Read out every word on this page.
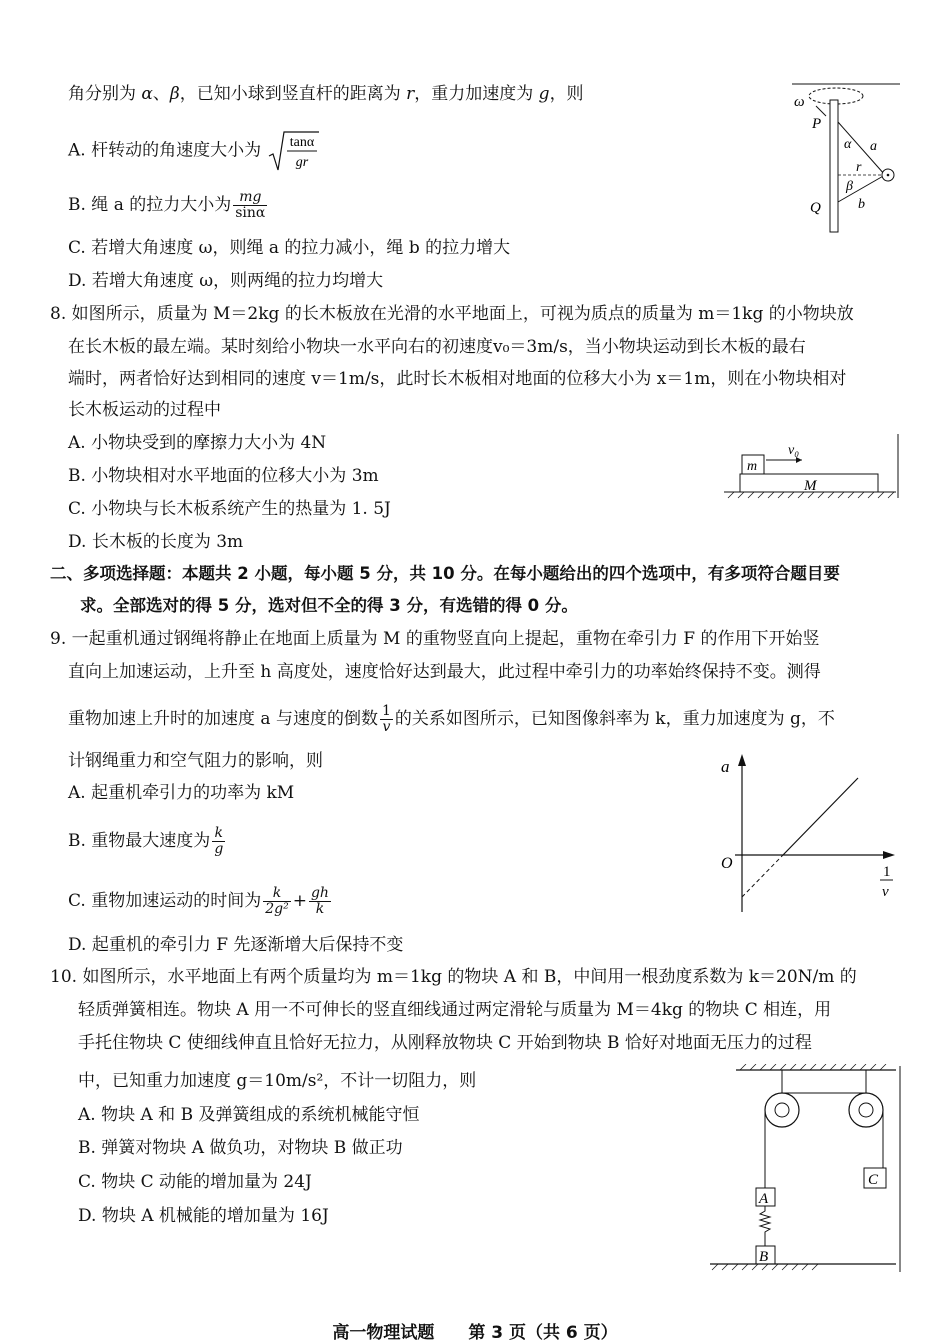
角分别为 α、β，已知小球到竖直杆的距离为 r，重力加速度为 g，则
A. 杆转动的角速度大小为 tanα
gr
B. 绳 a 的拉力大小为 $\frac{mg}{\sin\alpha}$
C. 若增大角速度 ω，则绳 a 的拉力减小，绳 b 的拉力增大
D. 若增大角速度 ω，则两绳的拉力均增大
ω
P
α a
r
β
b
Q
8. 如图所示，质量为 M＝2kg 的长木板放在光滑的水平地面上，可视为质点的质量为 m＝1kg 的小物块放
在长木板的最左端。某时刻给小物块一水平向右的初速度v₀＝3m/s，当小物块运动到长木板的最右
端时，两者恰好达到相同的速度 v＝1m/s，此时长木板相对地面的位移大小为 x＝1m，则在小物块相对
长木板运动的过程中
A. 小物块受到的摩擦力大小为 4N
B. 小物块相对水平地面的位移大小为 3m
C. 小物块与长木板系统产生的热量为 1. 5J
D. 长木板的长度为 3m
m
v₀
M
二、多项选择题：本题共 2 小题，每小题 5 分，共 10 分。在每小题给出的四个选项中，有多项符合题目要
求。全部选对的得 5 分，选对但不全的得 3 分，有选错的得 0 分。
9. 一起重机通过钢绳将静止在地面上质量为 M 的重物竖直向上提起，重物在牵引力 F 的作用下开始竖
直向上加速运动，上升至 h 高度处，速度恰好达到最大，此过程中牵引力的功率始终保持不变。测得
重物加速上升时的加速度 a 与速度的倒数 $\frac{1}{v}$ 的关系如图所示，已知图像斜率为 k，重力加速度为 g，不
计钢绳重力和空气阻力的影响，则
A. 起重机牵引力的功率为 kM
B. 重物最大速度为 $\frac{k}{g}$
C. 重物加速运动的时间为 $\frac{k}{\text{2g²}} + \frac{gh}{k}$
D. 起重机的牵引力 F 先逐渐增大后保持不变
a
O	1
v
10. 如图所示，水平地面上有两个质量均为 m＝1kg 的物块 A 和 B，中间用一根劲度系数为 k＝20N/m 的
轻质弹簧相连。物块 A 用一不可伸长的竖直细线通过两定滑轮与质量为 M＝4kg 的物块 C 相连，用
手托住物块 C 使细线伸直且恰好无拉力，从刚释放物块 C 开始到物块 B 恰好对地面无压力的过程
中，已知重力加速度 g＝10m/s²，不计一切阻力，则
A. 物块 A 和 B 及弹簧组成的系统机械能守恒
B. 弹簧对物块 A 做负功，对物块 B 做正功
C. 物块 C 动能的增加量为 24J
D. 物块 A 机械能的增加量为 16J
A
B
C
高一物理试题　　第 3 页（共 6 页）
